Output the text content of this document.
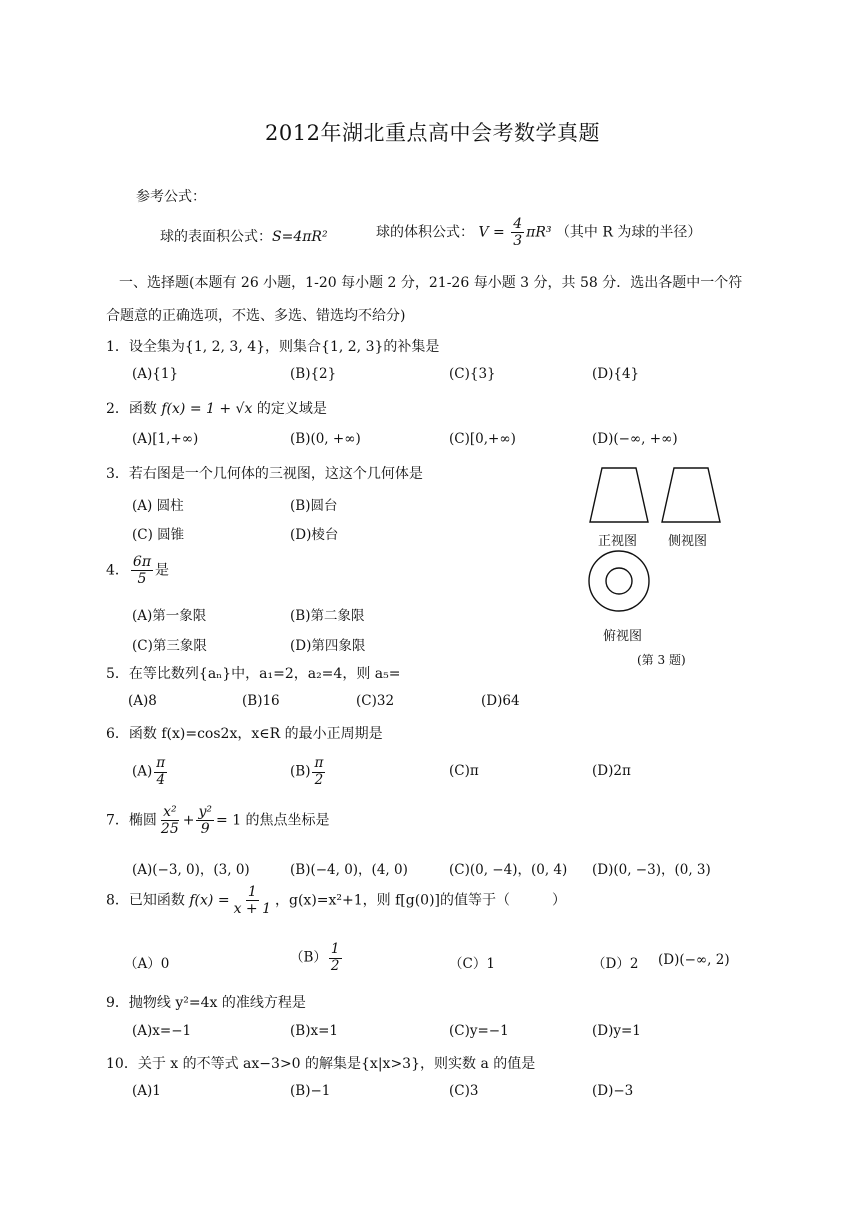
2012年湖北重点高中会考数学真题
参考公式：
球的表面积公式：S=4πR²	球的体积公式： $V = \frac{4}{3} \pi R^3$ （其中 R 为球的半径）
一、选择题(本题有 26 小题，1-20 每小题 2 分，21-26 每小题 3 分，共 58 分．选出各题中一个符
合题意的正确选项，不选、多选、错选均不给分)
1．设全集为{1, 2, 3, 4}，则集合{1, 2, 3}的补集是
(A){1}	(B){2}	(C){3}	(D){4}
2．函数 f(x) = 1 + √x 的定义域是
(A)[1,+∞)	(B)(0, +∞)	(C)[0,+∞)	(D)(−∞, +∞)
3．若右图是一个几何体的三视图，这这个几何体是
(A) 圆柱	(B)圆台
(C) 圆锥	(D)棱台
4． $\frac{6\pi}{5}$ 是
(A)第一象限	(B)第二象限
(C)第三象限	(D)第四象限
5．在等比数列{aₙ}中，a₁=2，a₂=4，则 a₅=
(A)8	(B)16	(C)32	(D)64
6．函数 f(x)=cos2x，x∈R 的最小正周期是
$(A) \frac{\pi}{4}$	$(B) \frac{\pi}{2}$	(C)π	(D)2π
7．椭圆 $\frac{\text{x²}}{25} + \frac{\text{y²}}{9} = 1$ 的焦点坐标是
(A)(−3, 0)，(3, 0)	(B)(−4, 0)，(4, 0)	(C)(0, −4)，(0, 4) (D)(0, −3)，(0, 3)
8．已知函数 $f(x) = \frac{1}{x + 1}$ ，g(x)=x²+1，则 f[g(0)]的值等于（　　　）
（A）0	$(B) \frac{1}{2}$	（C）1	（D）2 (D)(−∞, 2)
9．抛物线 y²=4x 的准线方程是
(A)x=−1	(B)x=1	(C)y=−1	(D)y=1
10．关于 x 的不等式 ax−3>0 的解集是{x|x>3}，则实数 a 的值是
(A)1	(B)−1	(C)3	(D)−3
正视图 侧视图
俯视图
(第 3 题)
